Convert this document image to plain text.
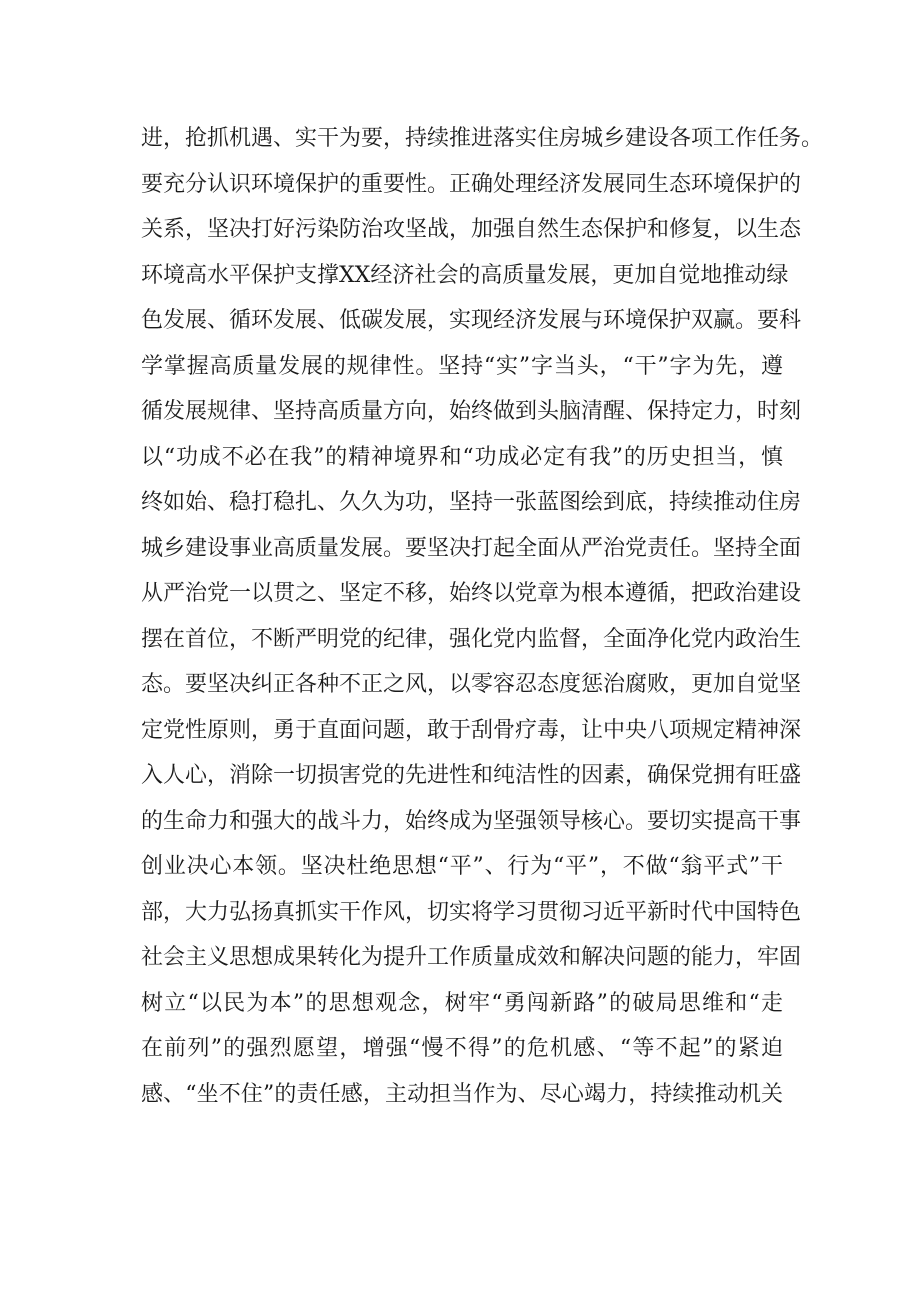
进，抢抓机遇、实干为要，持续推进落实住房城乡建设各项工作任务。
要充分认识环境保护的重要性。正确处理经济发展同生态环境保护的
关系，坚决打好污染防治攻坚战，加强自然生态保护和修复，以生态
环境高水平保护支撑XX经济社会的高质量发展，更加自觉地推动绿
色发展、循环发展、低碳发展，实现经济发展与环境保护双赢。要科
学掌握高质量发展的规律性。坚持“实”字当头，“干”字为先，遵
循发展规律、坚持高质量方向，始终做到头脑清醒、保持定力，时刻
以“功成不必在我”的精神境界和“功成必定有我”的历史担当，慎
终如始、稳打稳扎、久久为功，坚持一张蓝图绘到底，持续推动住房
城乡建设事业高质量发展。要坚决打起全面从严治党责任。坚持全面
从严治党一以贯之、坚定不移，始终以党章为根本遵循，把政治建设
摆在首位，不断严明党的纪律，强化党内监督，全面净化党内政治生
态。要坚决纠正各种不正之风，以零容忍态度惩治腐败，更加自觉坚
定党性原则，勇于直面问题，敢于刮骨疗毒，让中央八项规定精神深
入人心，消除一切损害党的先进性和纯洁性的因素，确保党拥有旺盛
的生命力和强大的战斗力，始终成为坚强领导核心。要切实提高干事
创业决心本领。坚决杜绝思想“平”、行为“平”，不做“翁平式”干
部，大力弘扬真抓实干作风，切实将学习贯彻习近平新时代中国特色
社会主义思想成果转化为提升工作质量成效和解决问题的能力，牢固
树立“以民为本”的思想观念，树牢“勇闯新路”的破局思维和“走
在前列”的强烈愿望，增强“慢不得”的危机感、“等不起”的紧迫
感、“坐不住”的责任感，主动担当作为、尽心竭力，持续推动机关
